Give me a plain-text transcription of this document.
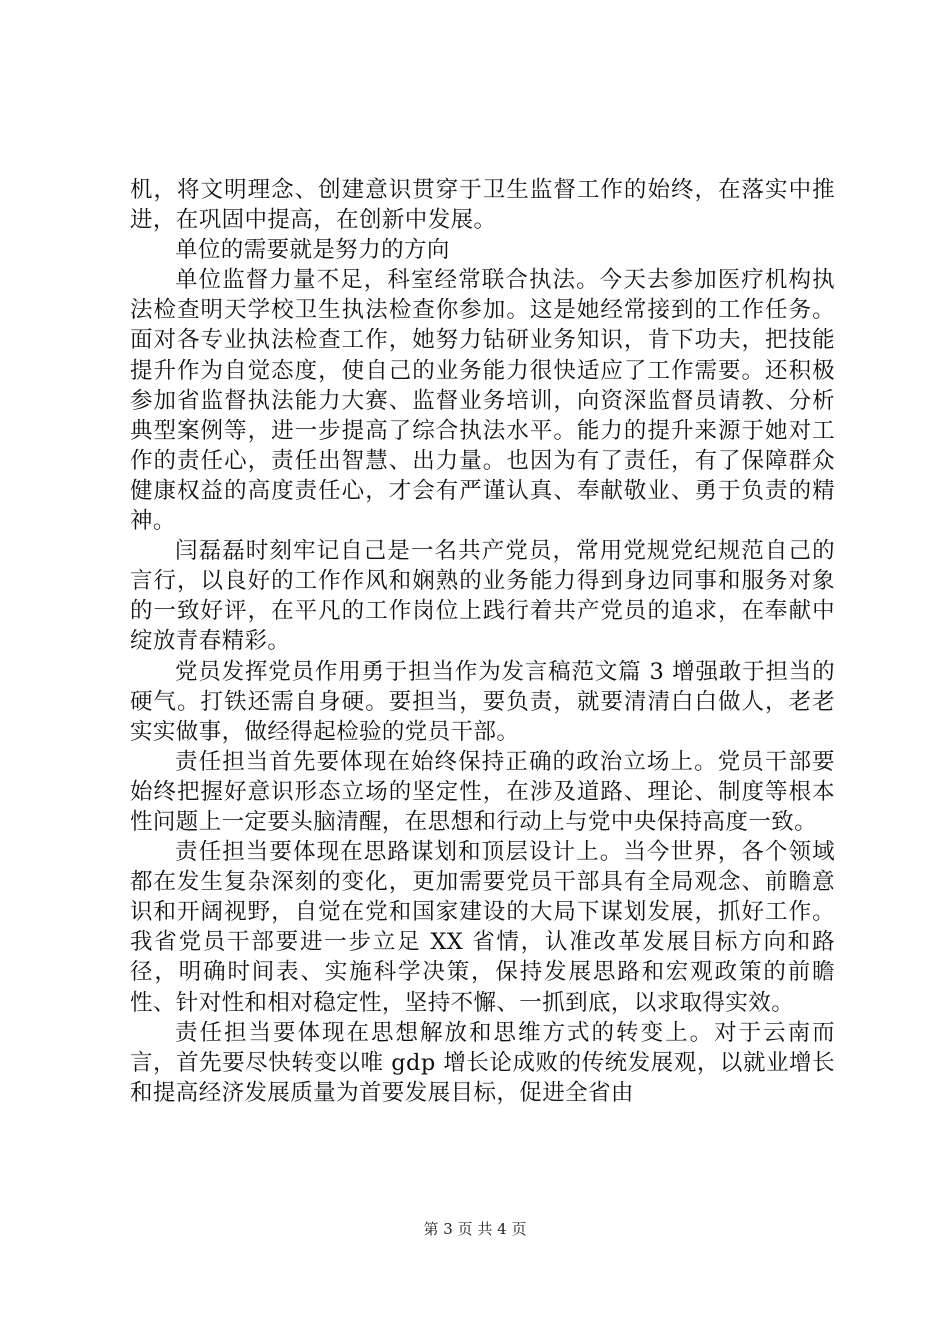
机，将文明理念、创建意识贯穿于卫生监督工作的始终，在落实中推进，在巩固中提高，在创新中发展。

单位的需要就是努力的方向

单位监督力量不足，科室经常联合执法。今天去参加医疗机构执法检查明天学校卫生执法检查你参加。这是她经常接到的工作任务。面对各专业执法检查工作，她努力钻研业务知识，肯下功夫，把技能提升作为自觉态度，使自己的业务能力很快适应了工作需要。还积极参加省监督执法能力大赛、监督业务培训，向资深监督员请教、分析典型案例等，进一步提高了综合执法水平。能力的提升来源于她对工作的责任心，责任出智慧、出力量。也因为有了责任，有了保障群众健康权益的高度责任心，才会有严谨认真、奉献敬业、勇于负责的精神。

闫磊磊时刻牢记自己是一名共产党员，常用党规党纪规范自己的言行，以良好的工作作风和娴熟的业务能力得到身边同事和服务对象的一致好评，在平凡的工作岗位上践行着共产党员的追求，在奉献中绽放青春精彩。

党员发挥党员作用勇于担当作为发言稿范文篇 3 增强敢于担当的硬气。打铁还需自身硬。要担当，要负责，就要清清白白做人，老老实实做事，做经得起检验的党员干部。

责任担当首先要体现在始终保持正确的政治立场上。党员干部要始终把握好意识形态立场的坚定性，在涉及道路、理论、制度等根本性问题上一定要头脑清醒，在思想和行动上与党中央保持高度一致。

责任担当要体现在思路谋划和顶层设计上。当今世界，各个领域都在发生复杂深刻的变化，更加需要党员干部具有全局观念、前瞻意识和开阔视野，自觉在党和国家建设的大局下谋划发展，抓好工作。我省党员干部要进一步立足 XX 省情，认准改革发展目标方向和路径，明确时间表、实施科学决策，保持发展思路和宏观政策的前瞻性、针对性和相对稳定性，坚持不懈、一抓到底，以求取得实效。

责任担当要体现在思想解放和思维方式的转变上。对于云南而言，首先要尽快转变以唯 gdp 增长论成败的传统发展观，以就业增长和提高经济发展质量为首要发展目标，促进全省由

第 3 页 共 4 页
